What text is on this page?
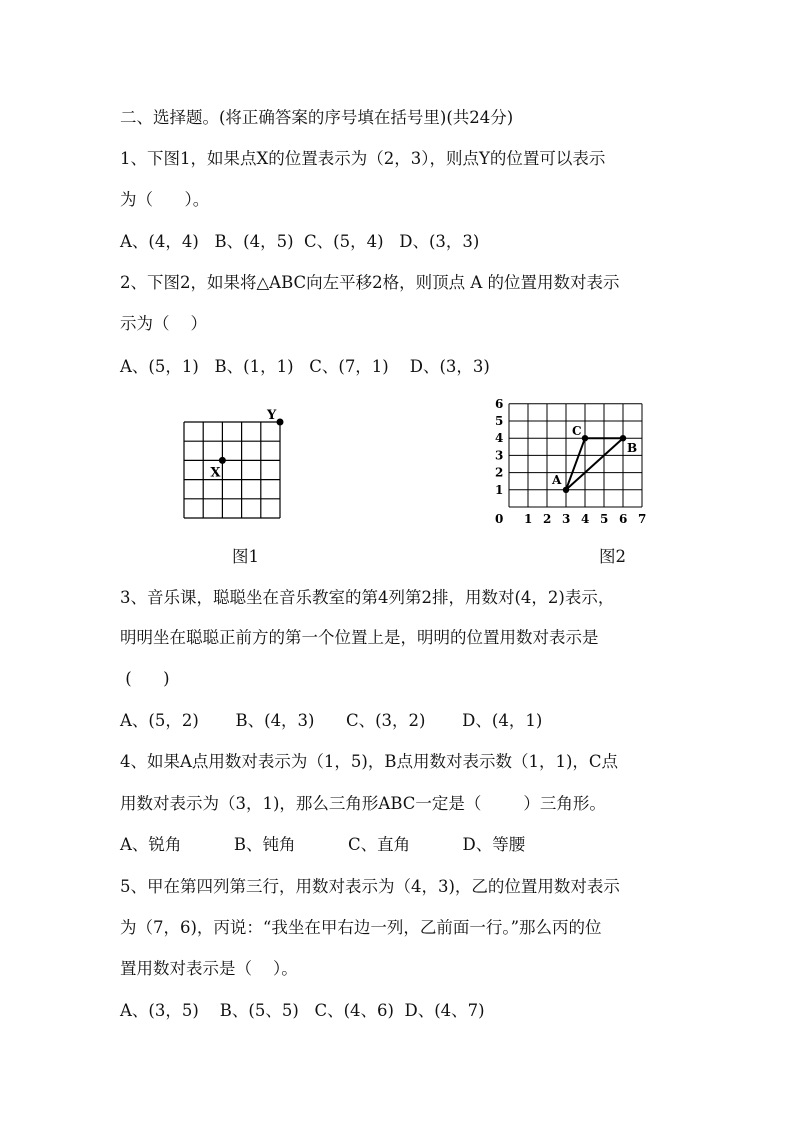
二、选择题。(将正确答案的序号填在括号里)(共24分)
1、下图1，如果点X的位置表示为（2，3），则点Y的位置可以表示
为（      ）。
A、(4，4)   B、(4，5)  C、(5，4)   D、(3，3)
2、下图2，如果将△ABC向左平移2格，则顶点 A 的位置用数对表示
示为（    ）
A、(5，1)   B、(1，1)   C、(7，1)    D、(3，3)
X
Y
图1
0 1 2 3 4 5 6 7
1
2
3
4
5
6
A
B
C
图2
3、音乐课，聪聪坐在音乐教室的第4列第2排，用数对(4，2)表示，
明明坐在聪聪正前方的第一个位置上是，明明的位置用数对表示是
(      )
A、(5，2)       B、(4，3)      C、(3，2)       D、(4，1)
4、如果A点用数对表示为（1，5)，B点用数对表示数（1，1)，C点
用数对表示为（3，1)，那么三角形ABC一定是（        ）三角形。
A、锐角          B、钝角          C、直角          D、等腰
5、甲在第四列第三行，用数对表示为（4，3)，乙的位置用数对表示
为（7，6)，丙说：“我坐在甲右边一列，乙前面一行。”那么丙的位
置用数对表示是（    ）。
A、(3，5)    B、(5、5)   C、(4、6)  D、(4、7)
